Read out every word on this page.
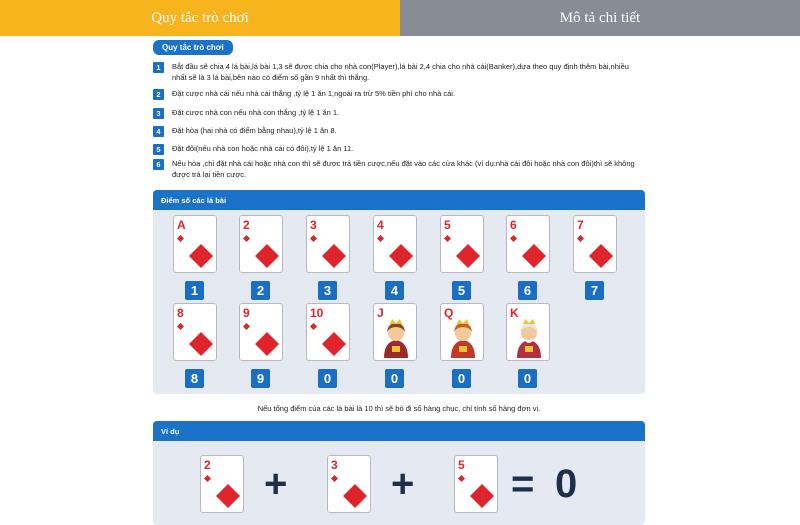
Quy tắc trò chơi	Mô tả chi tiết
Quy tắc trò chơi
1	Bắt đầu sẽ chia 4 lá bài,lá bài 1,3 sẽ được chia cho nhà con(Player),lá bài 2,4 chia cho nhà cái(Banker),dựa theo quy định thêm bài,nhiều nhất sẽ là 3 lá bài,bên nào có điểm số gần 9 nhất thì thắng.
2	Đặt cược nhà cái nếu nhà cái thắng ,tỷ lệ 1 ăn 1,ngoài ra trừ 5% tiền phí cho nhà cái.
3	Đặt cược nhà con nếu nhà con thắng ,tỷ lệ 1 ăn 1.
4	Đặt hòa (hai nhà có điểm bằng nhau),tỷ lệ 1 ăn 8.
5	Đặt đôi(nếu nhà con hoặc nhà cái có đôi),tỷ lệ 1 ăn 11.
6	Nếu hòa ,chỉ đặt nhà cái hoặc nhà con thì sẽ được trả tiền cược,nếu đặt vào các cửa khác (ví dụ:nhà cái đôi hoặc nhà con đôi)thì sẽ không được trả lại tiền cược.
Điểm số các lá bài
A
1
2
2
3
3
4
4
5
5
6
6
7
7
8
8
9
9
10
0
J
0
Q
0
K
0
Nếu tổng điểm của các lá bài là 10 thì sẽ bỏ đi số hàng chục, chỉ tính số hàng đơn vị.
Ví dụ
2	3	5
+	+ = 0
